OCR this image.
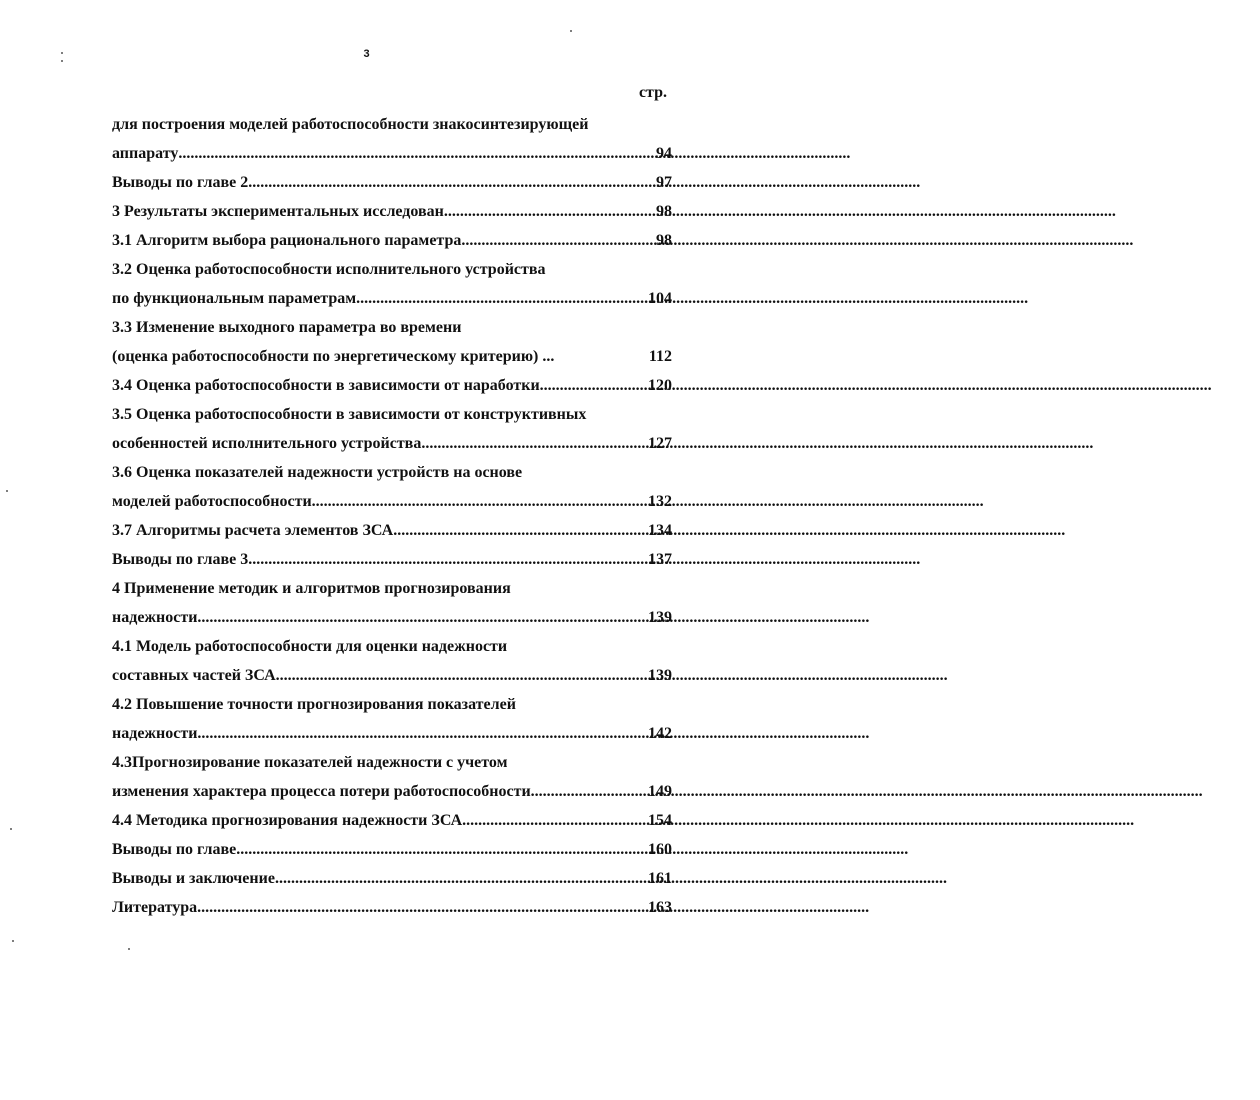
3
стр.
для построения моделей работоспособности знакосинтезирующей
аппарату .....	94
Выводы по главе 2 .....	97
3 Результаты экспериментальных исследован .....	98
3.1 Алгоритм выбора рационального параметра .....	98
3.2 Оценка работоспособности исполнительного устройства
по функциональным параметрам .....	104
3.3 Изменение выходного параметра во времени
(оценка работоспособности по энергетическому критерию) ...	112
3.4 Оценка работоспособности в зависимости от наработки .....	120
3.5 Оценка работоспособности в зависимости от конструктивных
особенностей исполнительного устройства .....	127
3.6 Оценка показателей надежности устройств на основе
моделей работоспособности .....	132
3.7 Алгоритмы расчета элементов ЗСА .....	134
Выводы по главе 3 .....	137
4 Применение методик и алгоритмов прогнозирования
надежности .....	139
4.1 Модель работоспособности для оценки надежности
составных частей ЗСА .....	139
4.2 Повышение точности прогнозирования показателей
надежности .....	142
4.3Прогнозирование показателей надежности с учетом
изменения характера процесса потери работоспособности .....	149
4.4 Методика прогнозирования надежности ЗСА .....	154
Выводы по главе .....	160
Выводы и заключение .....	161
Литература .....	163
